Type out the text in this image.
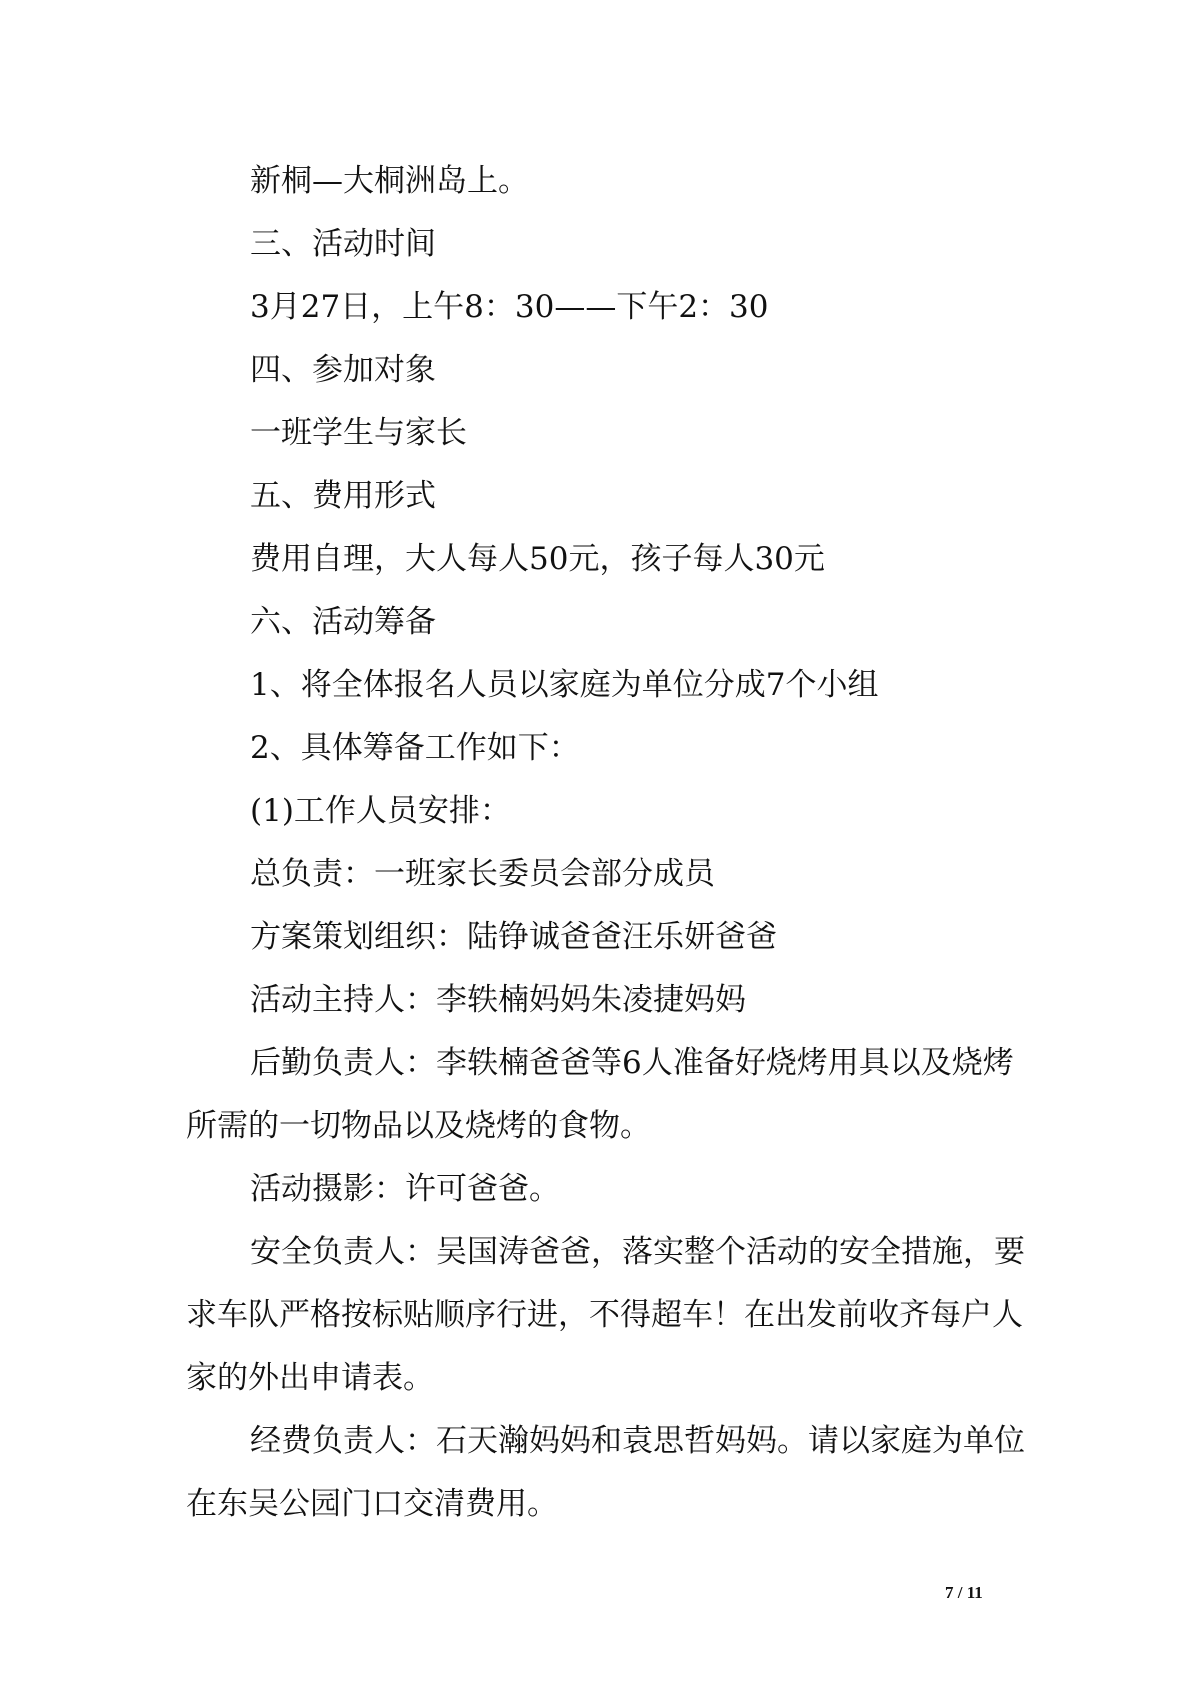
新桐—大桐洲岛上。

三、活动时间

3月27日，上午8：30——下午2：30

四、参加对象

一班学生与家长

五、费用形式

费用自理，大人每人50元，孩子每人30元

六、活动筹备

1、将全体报名人员以家庭为单位分成7个小组

2、具体筹备工作如下：

(1)工作人员安排：

总负责：一班家长委员会部分成员

方案策划组织：陆铮诚爸爸汪乐妍爸爸

活动主持人：李轶楠妈妈朱凌捷妈妈

后勤负责人：李轶楠爸爸等6人准备好烧烤用具以及烧烤所需的一切物品以及烧烤的食物。

活动摄影：许可爸爸。

安全负责人：吴国涛爸爸，落实整个活动的安全措施，要求车队严格按标贴顺序行进，不得超车！在出发前收齐每户人家的外出申请表。

经费负责人：石天瀚妈妈和袁思哲妈妈。请以家庭为单位在东吴公园门口交清费用。

7 / 11
